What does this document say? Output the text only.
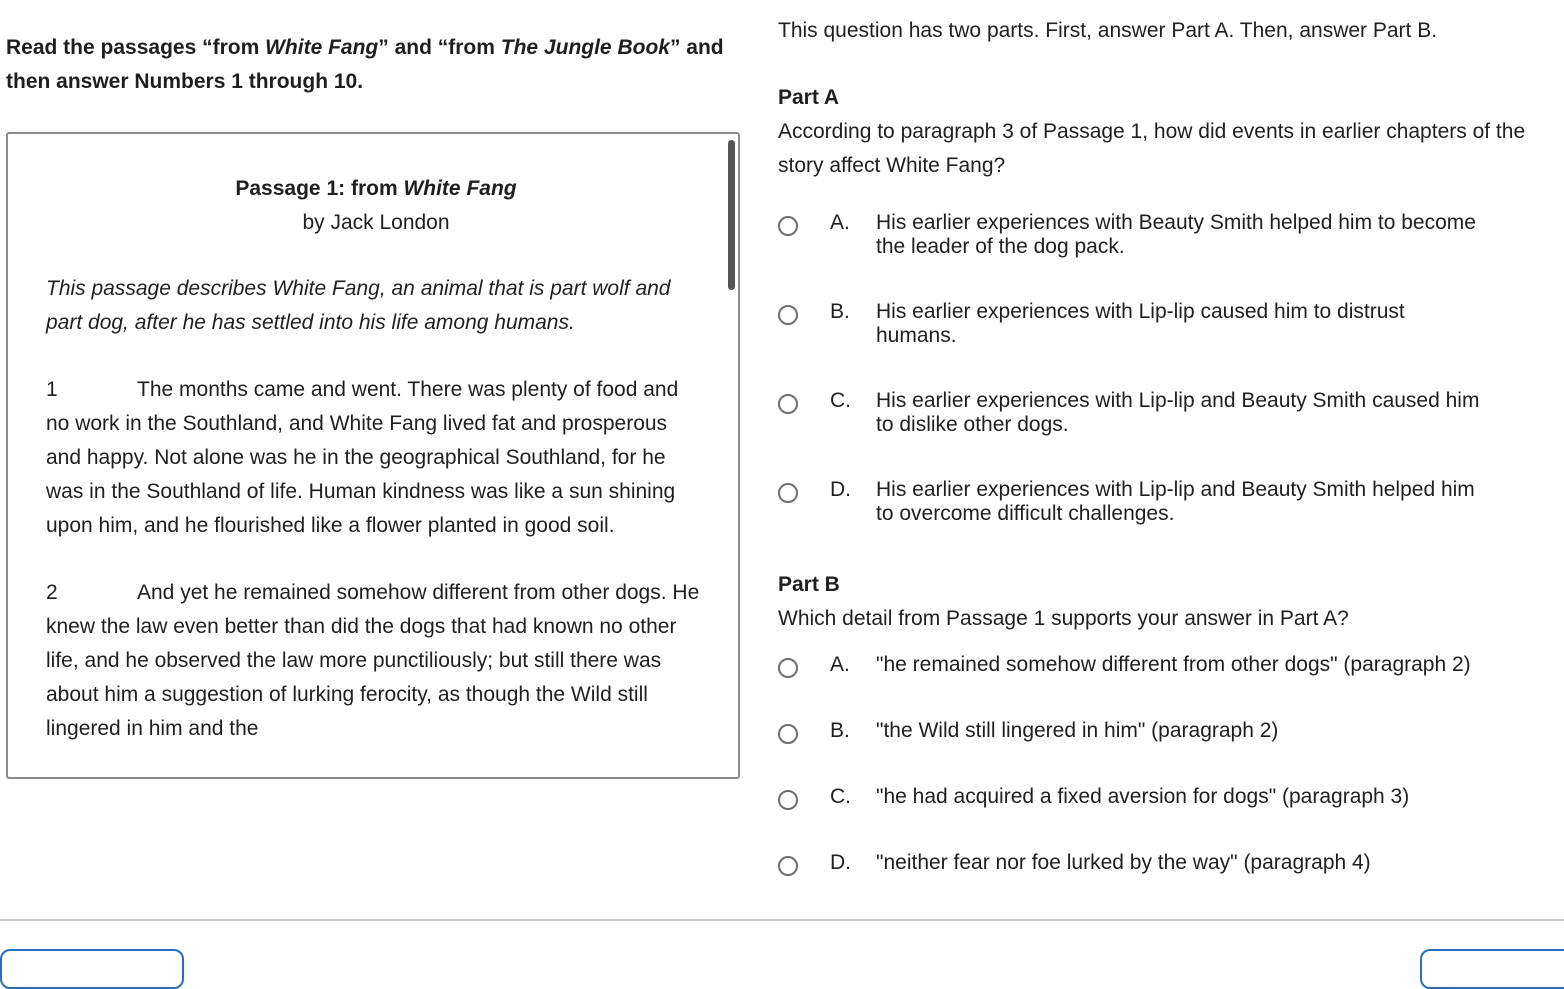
Read the passages “from White Fang” and “from The Jungle Book” and then answer Numbers 1 through 10.

Passage 1: from White Fang

by Jack London

This passage describes White Fang, an animal that is part wolf and part dog, after he has settled into his life among humans.

1	The months came and went. There was plenty of food and no work in the Southland, and White Fang lived fat and prosperous and happy. Not alone was he in the geographical Southland, for he was in the Southland of life. Human kindness was like a sun shining upon him, and he flourished like a flower planted in good soil.

2	And yet he remained somehow different from other dogs. He knew the law even better than did the dogs that had known no other life, and he observed the law more punctiliously; but still there was about him a suggestion of lurking ferocity, as though the Wild still lingered in him and the

This question has two parts. First, answer Part A. Then, answer Part B.

Part A

According to paragraph 3 of Passage 1, how did events in earlier chapters of the story affect White Fang?

A.	His earlier experiences with Beauty Smith helped him to become the leader of the dog pack.
B.	His earlier experiences with Lip-lip caused him to distrust humans.
C.	His earlier experiences with Lip-lip and Beauty Smith caused him to dislike other dogs.
D.	His earlier experiences with Lip-lip and Beauty Smith helped him to overcome difficult challenges.

Part B

Which detail from Passage 1 supports your answer in Part A?

A.	"he remained somehow different from other dogs" (paragraph 2)
B.	"the Wild still lingered in him" (paragraph 2)
C.	"he had acquired a fixed aversion for dogs" (paragraph 3)
D.	"neither fear nor foe lurked by the way" (paragraph 4)
